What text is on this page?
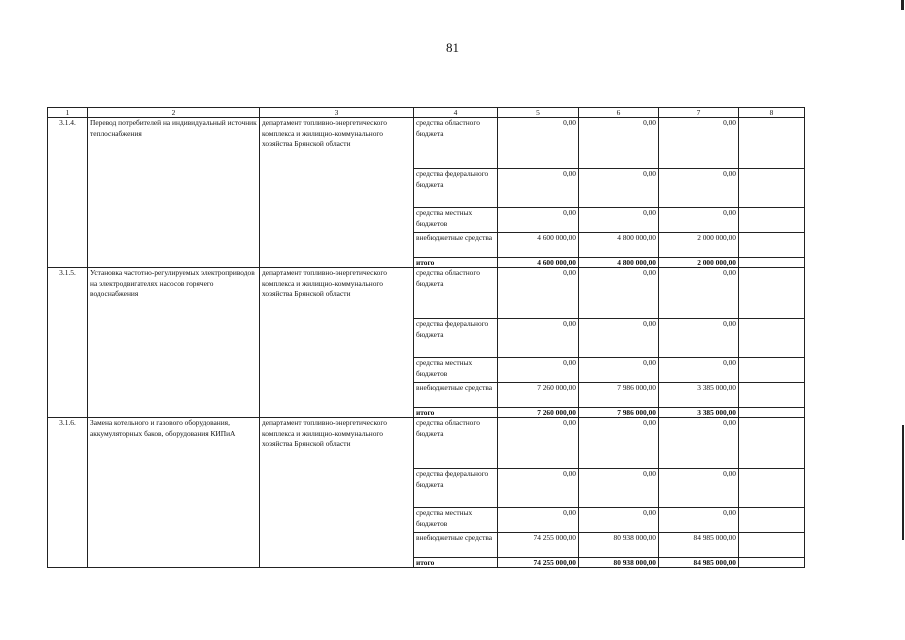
81
1	2	3	4	5	6	7	8
3.1.4.	Перевод потребителей на индивидуальный источник теплоснабжения	департамент топливно-энергетического комплекса и жилищно-коммунального хозяйства Брянской области	средства областного бюджета	0,00	0,00	0,00	
			средства федерального бюджета	0,00	0,00	0,00	
			средства местных бюджетов	0,00	0,00	0,00	
			внебюджетные средства	4 600 000,00	4 800 000,00	2 000 000,00	
			итого	4 600 000,00	4 800 000,00	2 000 000,00	
3.1.5.	Установка частотно-регулируемых электроприводов на электродвигателях насосов горячего водоснабжения	департамент топливно-энергетического комплекса и жилищно-коммунального хозяйства Брянской области	средства областного бюджета	0,00	0,00	0,00	
			средства федерального бюджета	0,00	0,00	0,00	
			средства местных бюджетов	0,00	0,00	0,00	
			внебюджетные средства	7 260 000,00	7 986 000,00	3 385 000,00	
			итого	7 260 000,00	7 986 000,00	3 385 000,00	
3.1.6.	Замена котельного и газового оборудования, аккумуляторных баков, оборудования КИПиА	департамент топливно-энергетического комплекса и жилищно-коммунального хозяйства Брянской области	средства областного бюджета	0,00	0,00	0,00	
			средства федерального бюджета	0,00	0,00	0,00	
			средства местных бюджетов	0,00	0,00	0,00	
			внебюджетные средства	74 255 000,00	80 938 000,00	84 985 000,00	
			итого	74 255 000,00	80 938 000,00	84 985 000,00	
